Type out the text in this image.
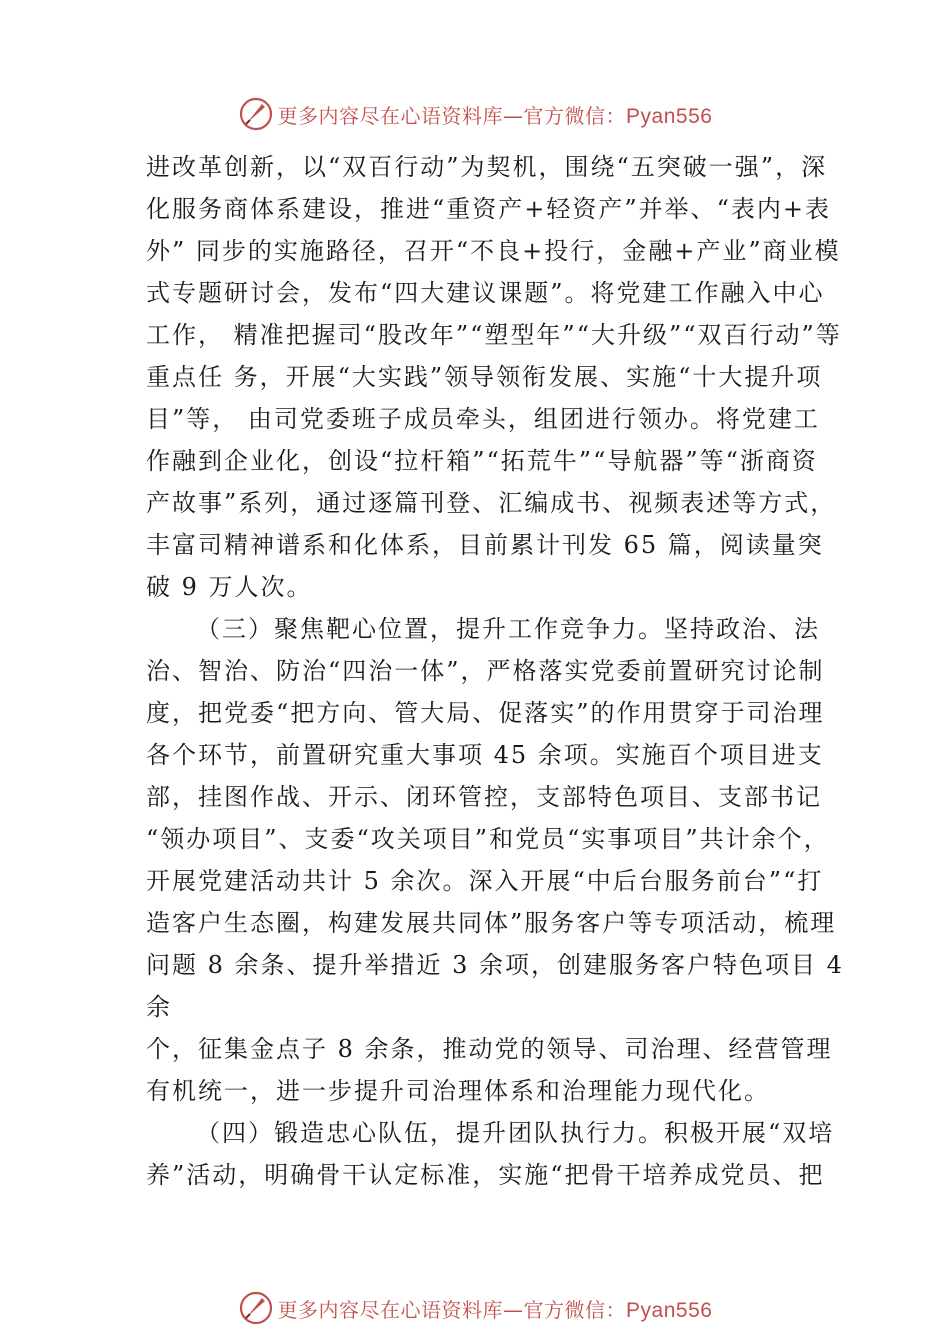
更多内容尽在心语资料库—官方微信：Pyan556
进改革创新，以“双百行动”为契机，围绕“五突破一强”，深
化服务商体系建设，推进“重资产+轻资产”并举、“表内+表
外” 同步的实施路径，召开“不良+投行，金融+产业”商业模
式专题研讨会，发布“四大建议课题”。将党建工作融入中心
工作， 精准把握司“股改年”“塑型年”“大升级”“双百行动”等
重点任 务，开展“大实践”领导领衔发展、实施“十大提升项
目”等， 由司党委班子成员牵头，组团进行领办。将党建工
作融到企业化，创设“拉杆箱”“拓荒牛”“导航器”等“浙商资
产故事”系列，通过逐篇刊登、汇编成书、视频表述等方式，
丰富司精神谱系和化体系，目前累计刊发 65 篇，阅读量突
破 9 万人次。
（三）聚焦靶心位置，提升工作竞争力。坚持政治、法
治、智治、防治“四治一体”，严格落实党委前置研究讨论制
度，把党委“把方向、管大局、促落实”的作用贯穿于司治理
各个环节，前置研究重大事项 45 余项。实施百个项目进支
部，挂图作战、开示、闭环管控，支部特色项目、支部书记
“领办项目”、支委“攻关项目”和党员“实事项目”共计余个，
开展党建活动共计 5 余次。深入开展“中后台服务前台”“打
造客户生态圈，构建发展共同体”服务客户等专项活动，梳理
问题 8 余条、提升举措近 3 余项，创建服务客户特色项目 4
余
个，征集金点子 8 余条，推动党的领导、司治理、经营管理
有机统一，进一步提升司治理体系和治理能力现代化。
（四）锻造忠心队伍，提升团队执行力。积极开展“双培
养”活动，明确骨干认定标准，实施“把骨干培养成党员、把
更多内容尽在心语资料库—官方微信：Pyan556
